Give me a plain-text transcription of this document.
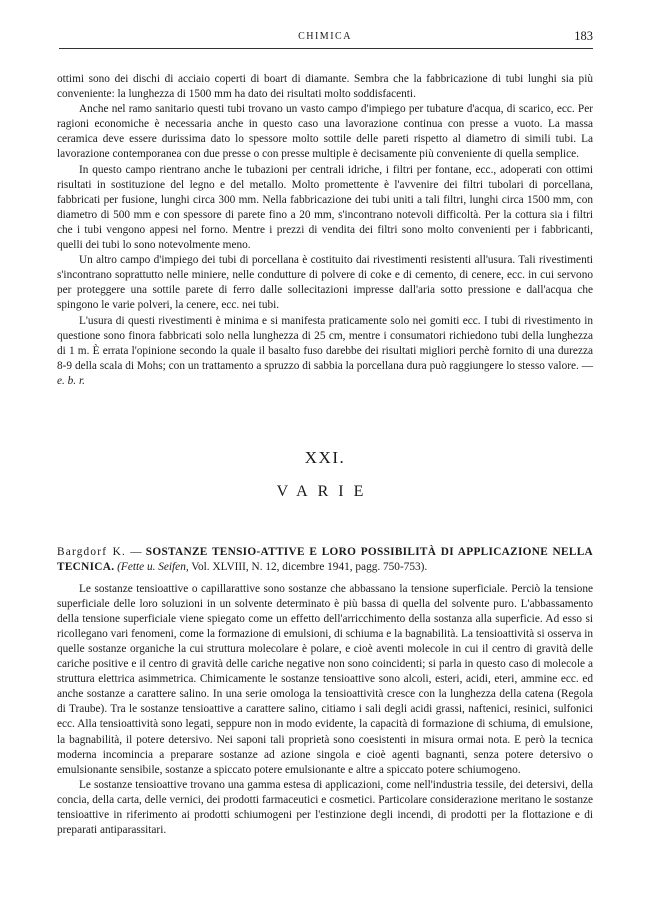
CHIMICA	183

ottimi sono dei dischi di acciaio coperti di boart di diamante. Sembra che la fabbricazione di tubi lunghi sia più conveniente: la lunghezza di 1500 mm ha dato dei risultati molto soddisfacenti.

Anche nel ramo sanitario questi tubi trovano un vasto campo d'impiego per tubature d'acqua, di scarico, ecc. Per ragioni economiche è necessaria anche in questo caso una lavorazione continua con presse a vuoto. La massa ceramica deve essere durissima dato lo spessore molto sottile delle pareti rispetto al diametro di simili tubi. La lavorazione contemporanea con due presse o con presse multiple è decisamente più conveniente di quella semplice.

In questo campo rientrano anche le tubazioni per centrali idriche, i filtri per fontane, ecc., adoperati con ottimi risultati in sostituzione del legno e del metallo. Molto promettente è l'avvenire dei filtri tubolari di porcellana, fabbricati per fusione, lunghi circa 300 mm. Nella fabbricazione dei tubi uniti a tali filtri, lunghi circa 1500 mm, con diametro di 500 mm e con spessore di parete fino a 20 mm, s'incontrano notevoli difficoltà. Per la cottura sia i filtri che i tubi vengono appesi nel forno. Mentre i prezzi di vendita dei filtri sono molto convenienti per i fabbricanti, quelli dei tubi lo sono notevolmente meno.

Un altro campo d'impiego dei tubi di porcellana è costituito dai rivestimenti resistenti all'usura. Tali rivestimenti s'incontrano soprattutto nelle miniere, nelle condutture di polvere di coke e di cemento, di cenere, ecc. in cui servono per proteggere una sottile parete di ferro dalle sollecitazioni impresse dall'aria sotto pressione e dall'acqua che spingono le varie polveri, la cenere, ecc. nei tubi.

L'usura di questi rivestimenti è minima e si manifesta praticamente solo nei gomiti ecc. I tubi di rivestimento in questione sono finora fabbricati solo nella lunghezza di 25 cm, mentre i consumatori richiedono tubi della lunghezza di 1 m. È errata l'opinione secondo la quale il basalto fuso darebbe dei risultati migliori perchè fornito di una durezza 8-9 della scala di Mohs; con un trattamento a spruzzo di sabbia la porcellana dura può raggiungere lo stesso valore. — e. b. r.

XXI.
VARIE

Bargdorf K. — SOSTANZE TENSIO-ATTIVE E LORO POSSIBILITÀ DI APPLICAZIONE NELLA TECNICA. (Fette u. Seifen, Vol. XLVIII, N. 12, dicembre 1941, pagg. 750-753).

Le sostanze tensioattive o capillarattive sono sostanze che abbassano la tensione superficiale. Perciò la tensione superficiale delle loro soluzioni in un solvente determinato è più bassa di quella del solvente puro. L'abbassamento della tensione superficiale viene spiegato come un effetto dell'arricchimento della sostanza alla superficie. Ad esso si ricollegano vari fenomeni, come la formazione di emulsioni, di schiuma e la bagnabilità. La tensioattività si osserva in quelle sostanze organiche la cui struttura molecolare è polare, e cioè aventi molecole in cui il centro di gravità delle cariche positive e il centro di gravità delle cariche negative non sono coincidenti; si parla in questo caso di molecole a struttura elettrica asimmetrica. Chimicamente le sostanze tensioattive sono alcoli, esteri, acidi, eteri, ammine ecc. ed anche sostanze a carattere salino. In una serie omologa la tensioattività cresce con la lunghezza della catena (Regola di Traube). Tra le sostanze tensioattive a carattere salino, citiamo i sali degli acidi grassi, naftenici, resinici, sulfonici ecc. Alla tensioattività sono legati, seppure non in modo evidente, la capacità di formazione di schiuma, di emulsione, la bagnabilità, il potere detersivo. Nei saponi tali proprietà sono coesistenti in misura ormai nota. E però la tecnica moderna incomincia a preparare sostanze ad azione singola e cioè agenti bagnanti, senza potere detersivo o emulsionante sensibile, sostanze a spiccato potere emulsionante e altre a spiccato potere schiumogeno.

Le sostanze tensioattive trovano una gamma estesa di applicazioni, come nell'industria tessile, dei detersivi, della concia, della carta, delle vernici, dei prodotti farmaceutici e cosmetici. Particolare considerazione meritano le sostanze tensioattive in riferimento ai prodotti schiumogeni per l'estinzione degli incendi, di prodotti per la flottazione e di preparati antiparassitari.
